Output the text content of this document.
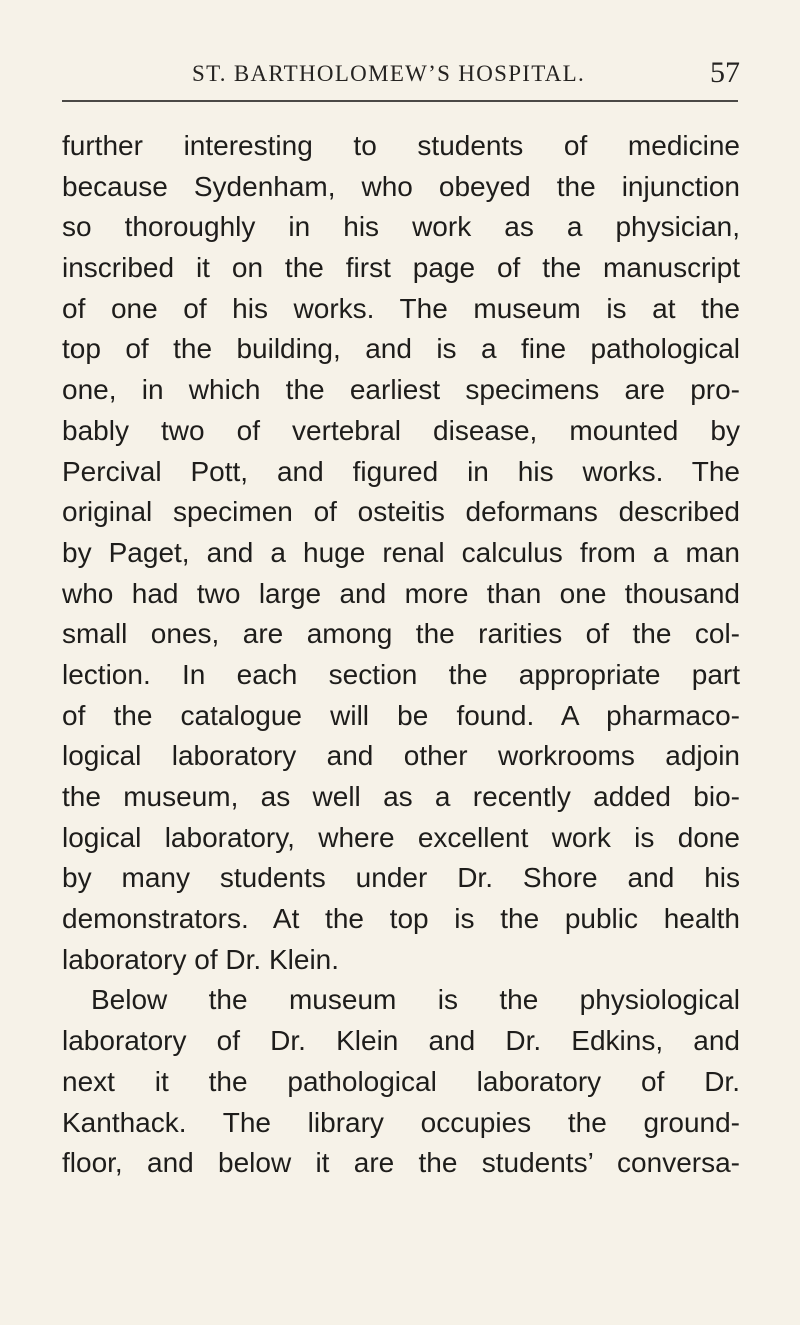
ST. BARTHOLOMEW’S HOSPITAL.	57
further interesting to students of medicine
because Sydenham, who obeyed the injunction
so thoroughly in his work as a physician,
inscribed it on the first page of the manuscript
of one of his works. The museum is at the
top of the building, and is a fine pathological
one, in which the earliest specimens are pro-
bably two of vertebral disease, mounted by
Percival Pott, and figured in his works. The
original specimen of osteitis deformans described
by Paget, and a huge renal calculus from a man
who had two large and more than one thousand
small ones, are among the rarities of the col-
lection. In each section the appropriate part
of the catalogue will be found. A pharmaco-
logical laboratory and other workrooms adjoin
the museum, as well as a recently added bio-
logical laboratory, where excellent work is done
by many students under Dr. Shore and his
demonstrators. At the top is the public health
laboratory of Dr. Klein.
Below the museum is the physiological
laboratory of Dr. Klein and Dr. Edkins, and
next it the pathological laboratory of Dr.
Kanthack. The library occupies the ground-
floor, and below it are the students’ conversa-
